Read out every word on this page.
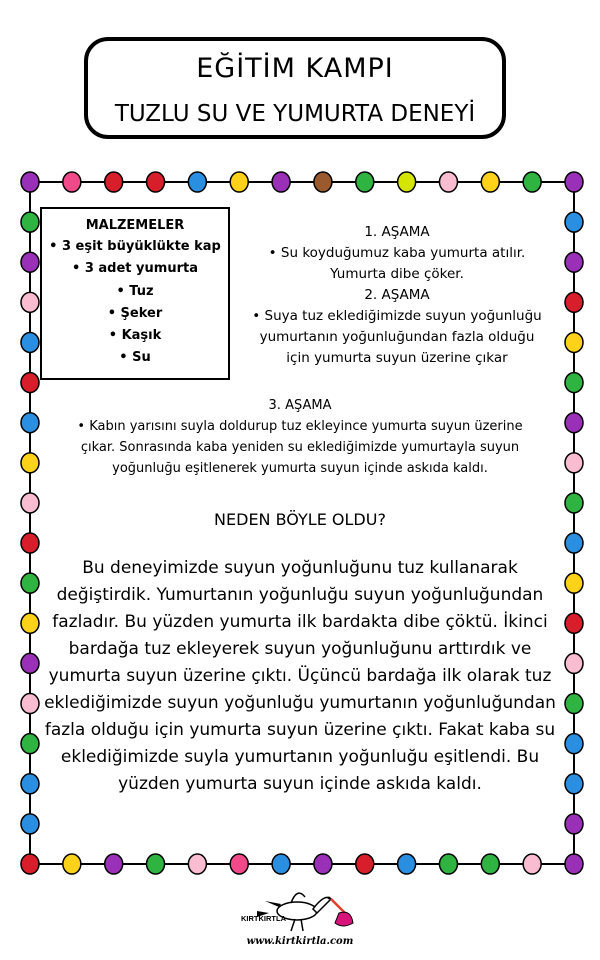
EĞİTİM KAMPI
TUZLU SU VE YUMURTA DENEYİ
MALZEMELER
• 3 eşit büyüklükte kap
• 3 adet yumurta
• Tuz
• Şeker
• Kaşık
• Su
1. AŞAMA
• Su koyduğumuz kaba yumurta atılır.
Yumurta dibe çöker.
2. AŞAMA
• Suya tuz eklediğimizde suyun yoğunluğu
yumurtanın yoğunluğundan fazla olduğu
için yumurta suyun üzerine çıkar
3. AŞAMA
• Kabın yarısını suyla doldurup tuz ekleyince yumurta suyun üzerine
çıkar. Sonrasında kaba yeniden su eklediğimizde yumurtayla suyun
yoğunluğu eşitlenerek yumurta suyun içinde askıda kaldı.
NEDEN BÖYLE OLDU?
Bu deneyimizde suyun yoğunluğunu tuz kullanarak
değiştirdik. Yumurtanın yoğunluğu suyun yoğunluğundan
fazladır. Bu yüzden yumurta ilk bardakta dibe çöktü. İkinci
bardağa tuz ekleyerek suyun yoğunluğunu arttırdık ve
yumurta suyun üzerine çıktı. Üçüncü bardağa ilk olarak tuz
eklediğimizde suyun yoğunluğu yumurtanın yoğunluğundan
fazla olduğu için yumurta suyun üzerine çıktı. Fakat kaba su
eklediğimizde suyla yumurtanın yoğunluğu eşitlendi. Bu
yüzden yumurta suyun içinde askıda kaldı.
KIRTKIRTLA
www.kirtkirtla.com
